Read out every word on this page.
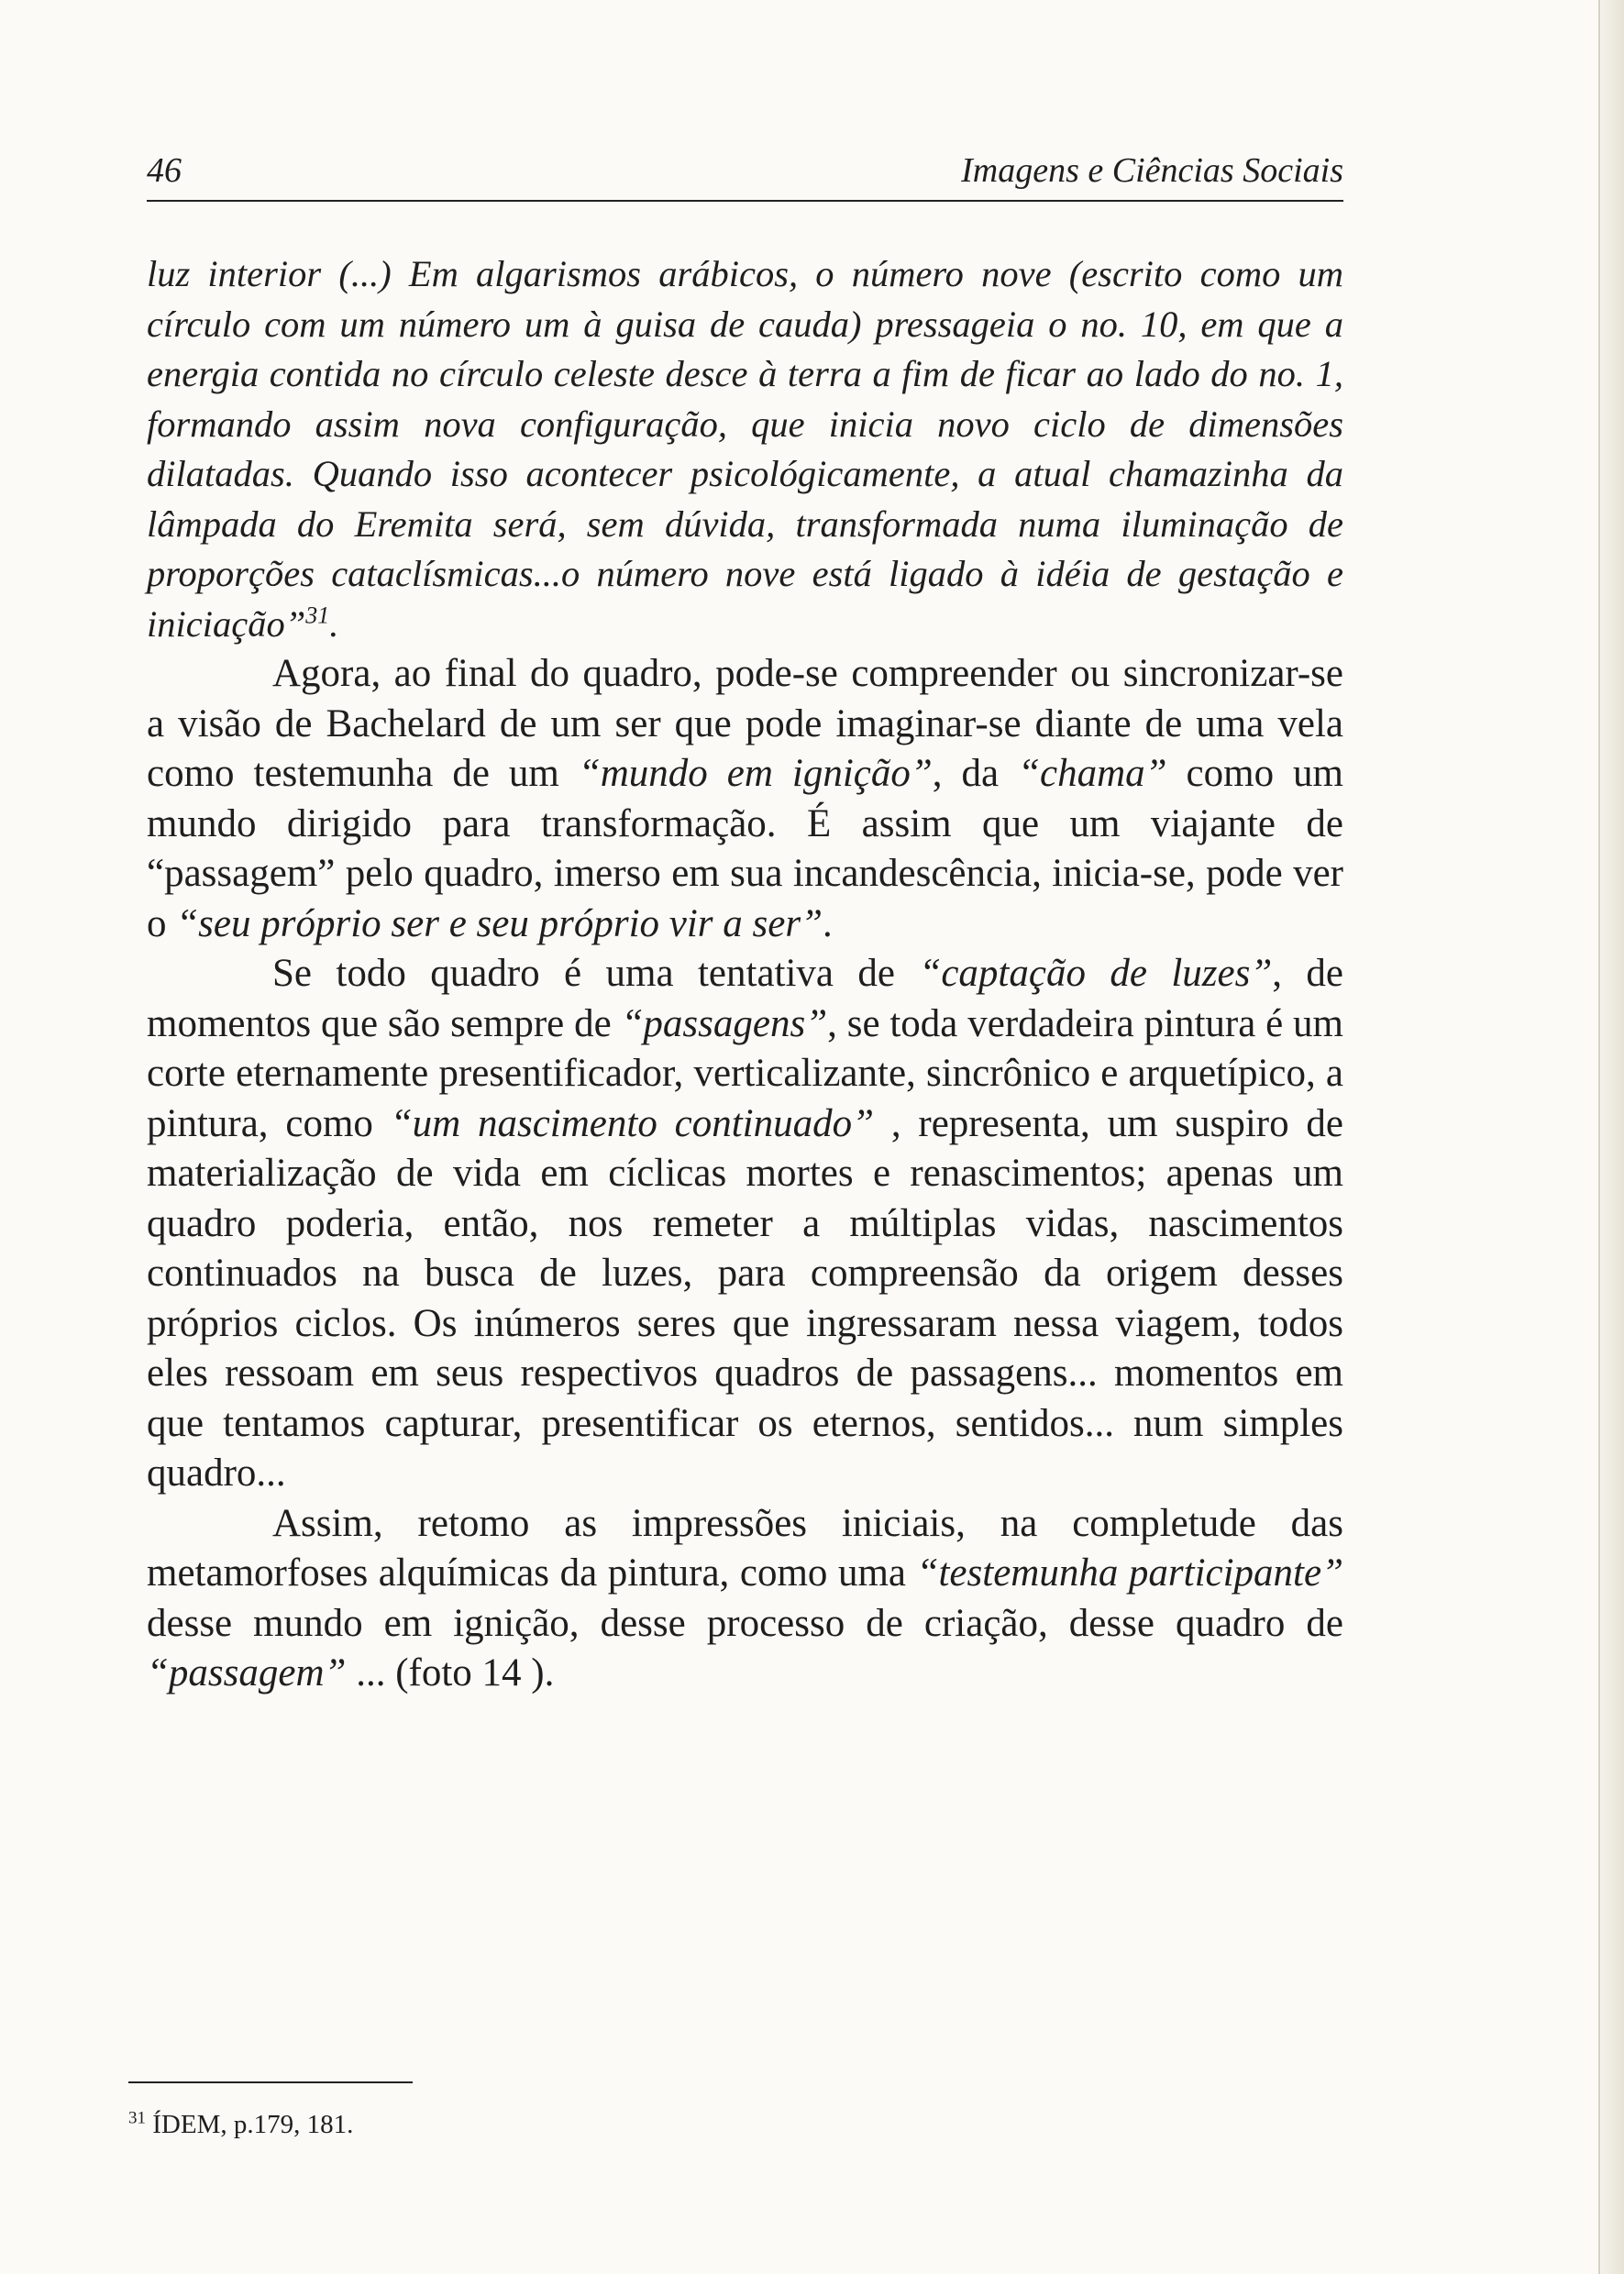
46	Imagens e Ciências Sociais

luz interior (...) Em algarismos arábicos, o número nove (escrito como um círculo com um número um à guisa de cauda) pressageia o no. 10, em que a energia contida no círculo celeste desce à terra a fim de ficar ao lado do no. 1, formando assim nova configuração, que inicia novo ciclo de dimensões dilatadas. Quando isso acontecer psicológicamente, a atual chamazinha da lâmpada do Eremita será, sem dúvida, transformada numa iluminação de proporções cataclísmicas...o número nove está ligado à idéia de gestação e iniciação”$^{31}$.

Agora, ao final do quadro, pode-se compreender ou sincronizar-se a visão de Bachelard de um ser que pode imaginar-se diante de uma vela como testemunha de um “mundo em ignição”, da “chama” como um mundo dirigido para transformação. É assim que um viajante de “passagem” pelo quadro, imerso em sua incandescência, inicia-se, pode ver o “seu próprio ser e seu próprio vir a ser”.

Se todo quadro é uma tentativa de “captação de luzes”, de momentos que são sempre de “passagens”, se toda verdadeira pintura é um corte eternamente presentificador, verticalizante, sincrônico e arquetípico, a pintura, como “um nascimento continuado” , representa, um suspiro de materialização de vida em cíclicas mortes e renascimentos; apenas um quadro poderia, então, nos remeter a múltiplas vidas, nascimentos continuados na busca de luzes, para compreensão da origem desses próprios ciclos. Os inúmeros seres que ingressaram nessa viagem, todos eles ressoam em seus respectivos quadros de passagens... momentos em que tentamos capturar, presentificar os eternos, sentidos... num simples quadro...

Assim, retomo as impressões iniciais, na completude das metamorfoses alquímicas da pintura, como uma “testemunha participante” desse mundo em ignição, desse processo de criação, desse quadro de “passagem” ... (foto 14 ).

$^{31}$ ÍDEM, p.179, 181.
